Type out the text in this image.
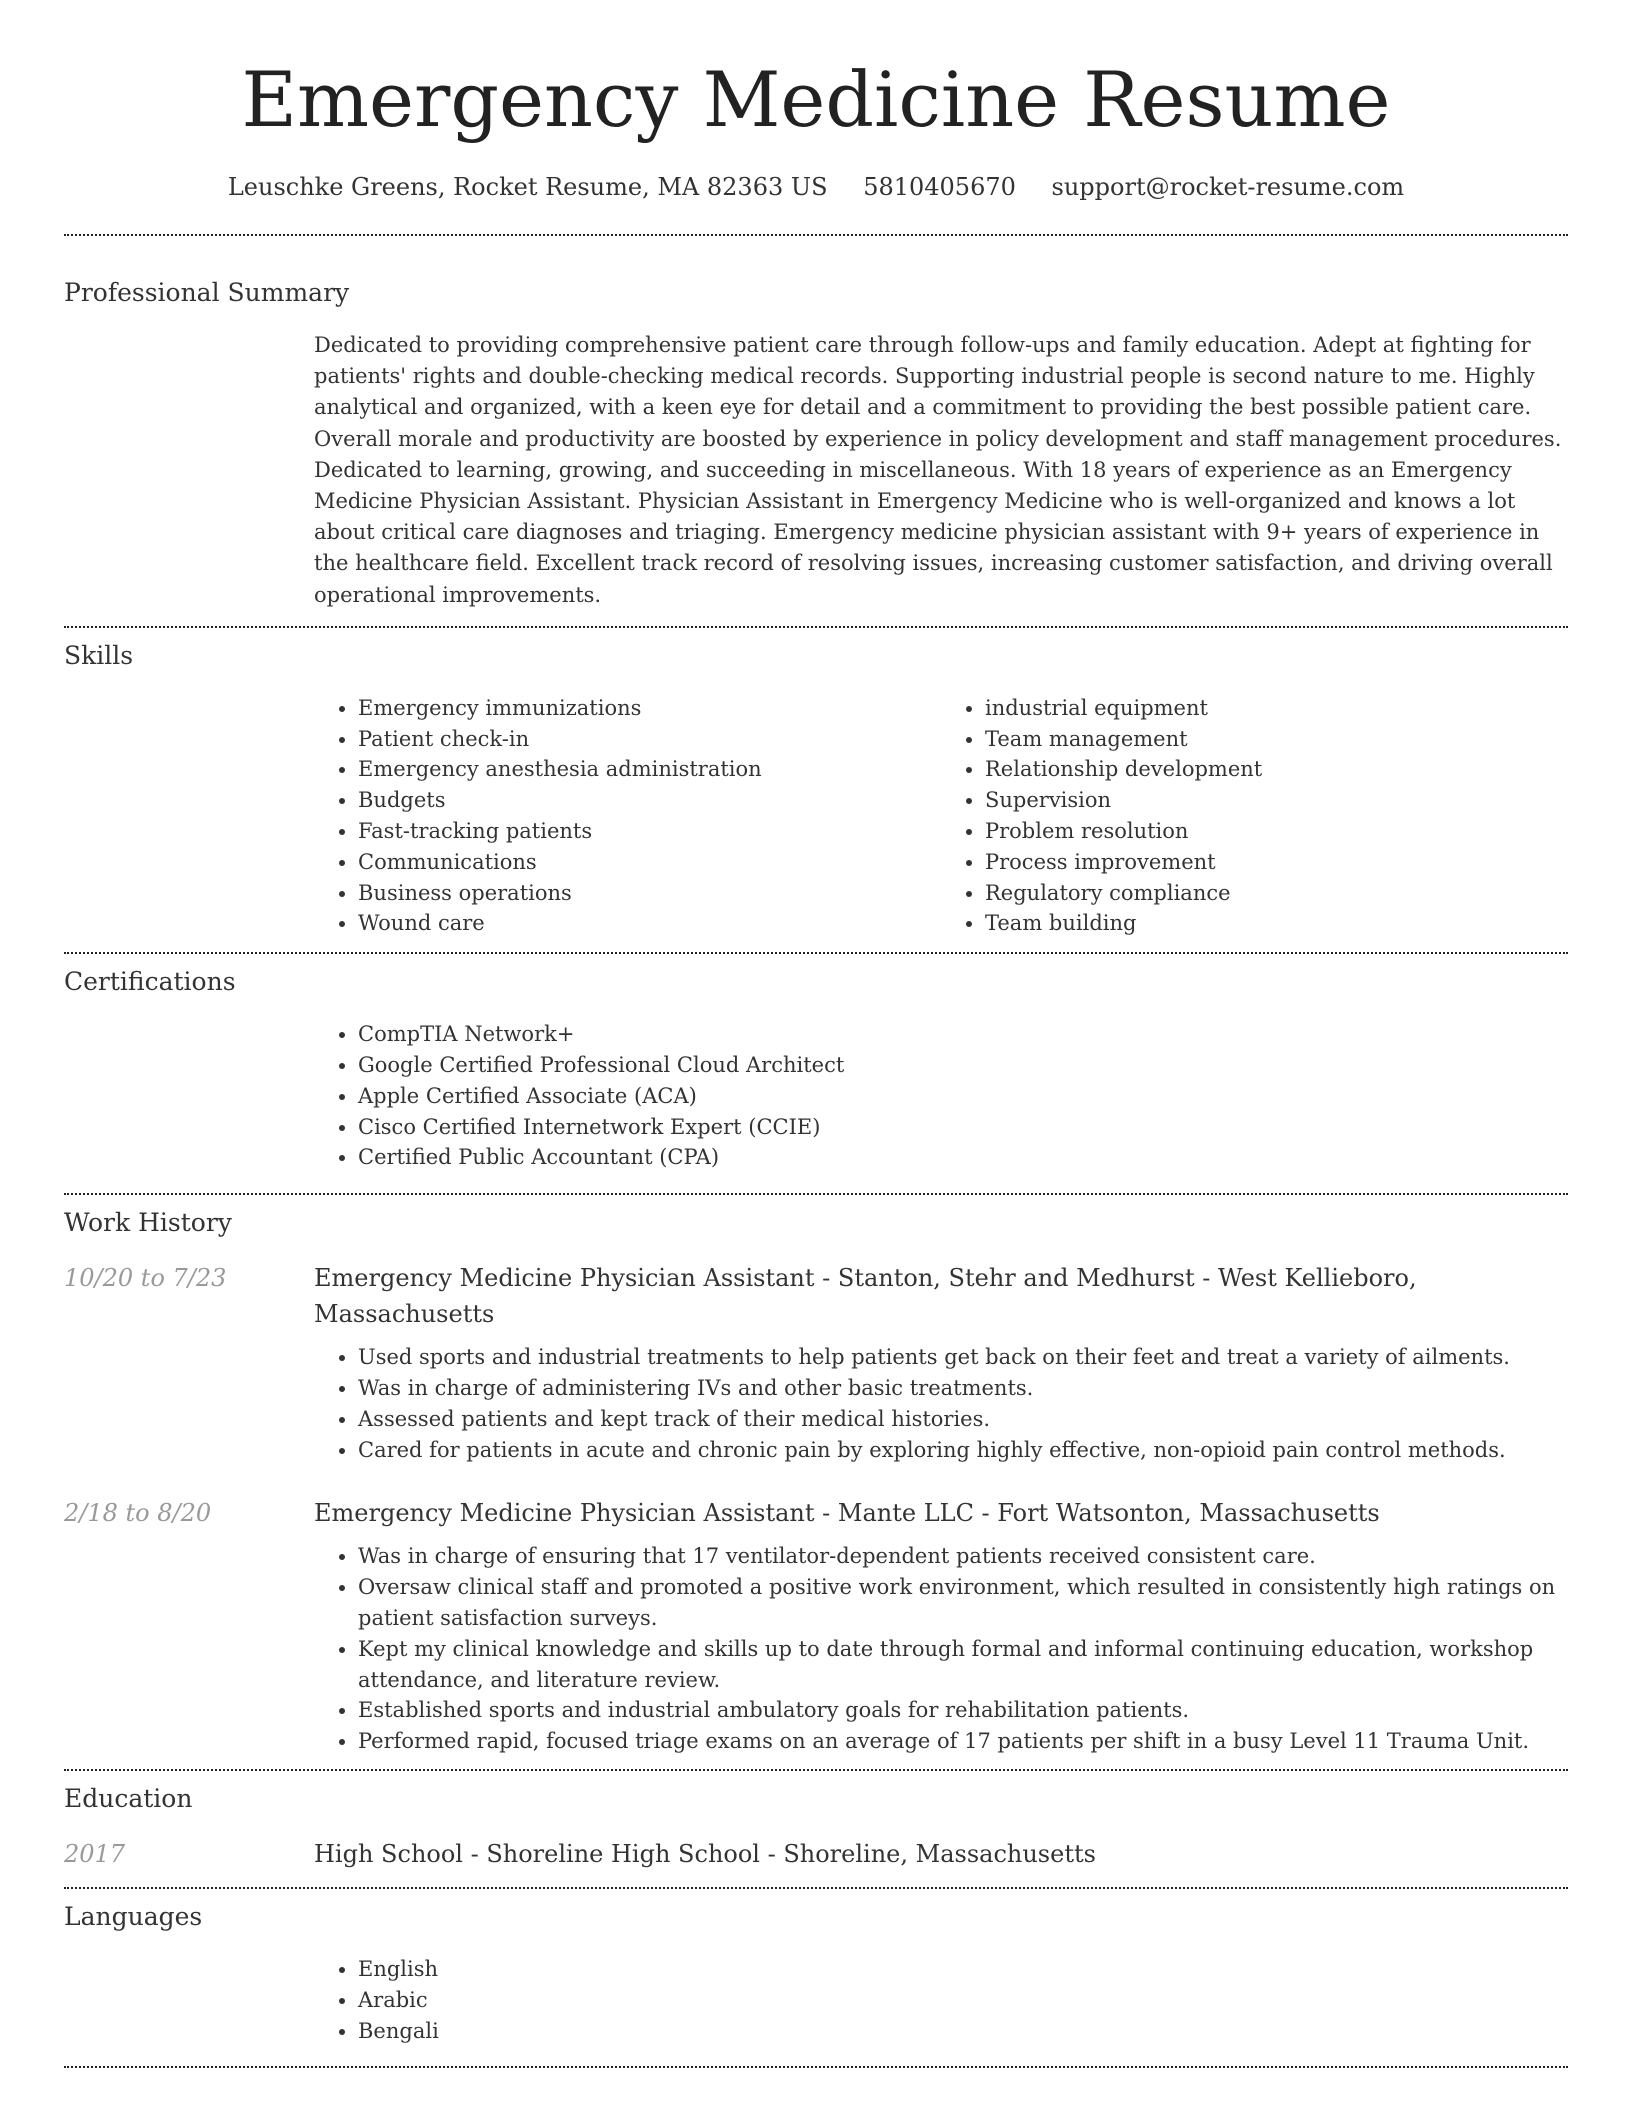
Emergency Medicine Resume
Leuschke Greens, Rocket Resume, MA 82363 US 5810405670 support@rocket-resume.com
Professional Summary

Dedicated to providing comprehensive patient care through follow-ups and family education. Adept at fighting for patients' rights and double-checking medical records. Supporting industrial people is second nature to me. Highly analytical and organized, with a keen eye for detail and a commitment to providing the best possible patient care. Overall morale and productivity are boosted by experience in policy development and staff management procedures. Dedicated to learning, growing, and succeeding in miscellaneous. With 18 years of experience as an Emergency Medicine Physician Assistant. Physician Assistant in Emergency Medicine who is well-organized and knows a lot about critical care diagnoses and triaging. Emergency medicine physician assistant with 9+ years of experience in the healthcare field. Excellent track record of resolving issues, increasing customer satisfaction, and driving overall operational improvements.

Skills
• Emergency immunizations
• Patient check-in
• Emergency anesthesia administration
• Budgets
• Fast-tracking patients
• Communications
• Business operations
• Wound care
• industrial equipment
• Team management
• Relationship development
• Supervision
• Problem resolution
• Process improvement
• Regulatory compliance
• Team building
Certifications
• CompTIA Network+
• Google Certified Professional Cloud Architect
• Apple Certified Associate (ACA)
• Cisco Certified Internetwork Expert (CCIE)
• Certified Public Accountant (CPA)
Work History
10/20 to 7/23	Emergency Medicine Physician Assistant - Stanton, Stehr and Medhurst - West Kellieboro, Massachusetts
• Used sports and industrial treatments to help patients get back on their feet and treat a variety of ailments.
• Was in charge of administering IVs and other basic treatments.
• Assessed patients and kept track of their medical histories.
• Cared for patients in acute and chronic pain by exploring highly effective, non-opioid pain control methods.
2/18 to 8/20	Emergency Medicine Physician Assistant - Mante LLC - Fort Watsonton, Massachusetts
• Was in charge of ensuring that 17 ventilator-dependent patients received consistent care.
• Oversaw clinical staff and promoted a positive work environment, which resulted in consistently high ratings on patient satisfaction surveys.
• Kept my clinical knowledge and skills up to date through formal and informal continuing education, workshop attendance, and literature review.
• Established sports and industrial ambulatory goals for rehabilitation patients.
• Performed rapid, focused triage exams on an average of 17 patients per shift in a busy Level 11 Trauma Unit.
Education
2017	High School - Shoreline High School - Shoreline, Massachusetts
Languages
• English
• Arabic
• Bengali
